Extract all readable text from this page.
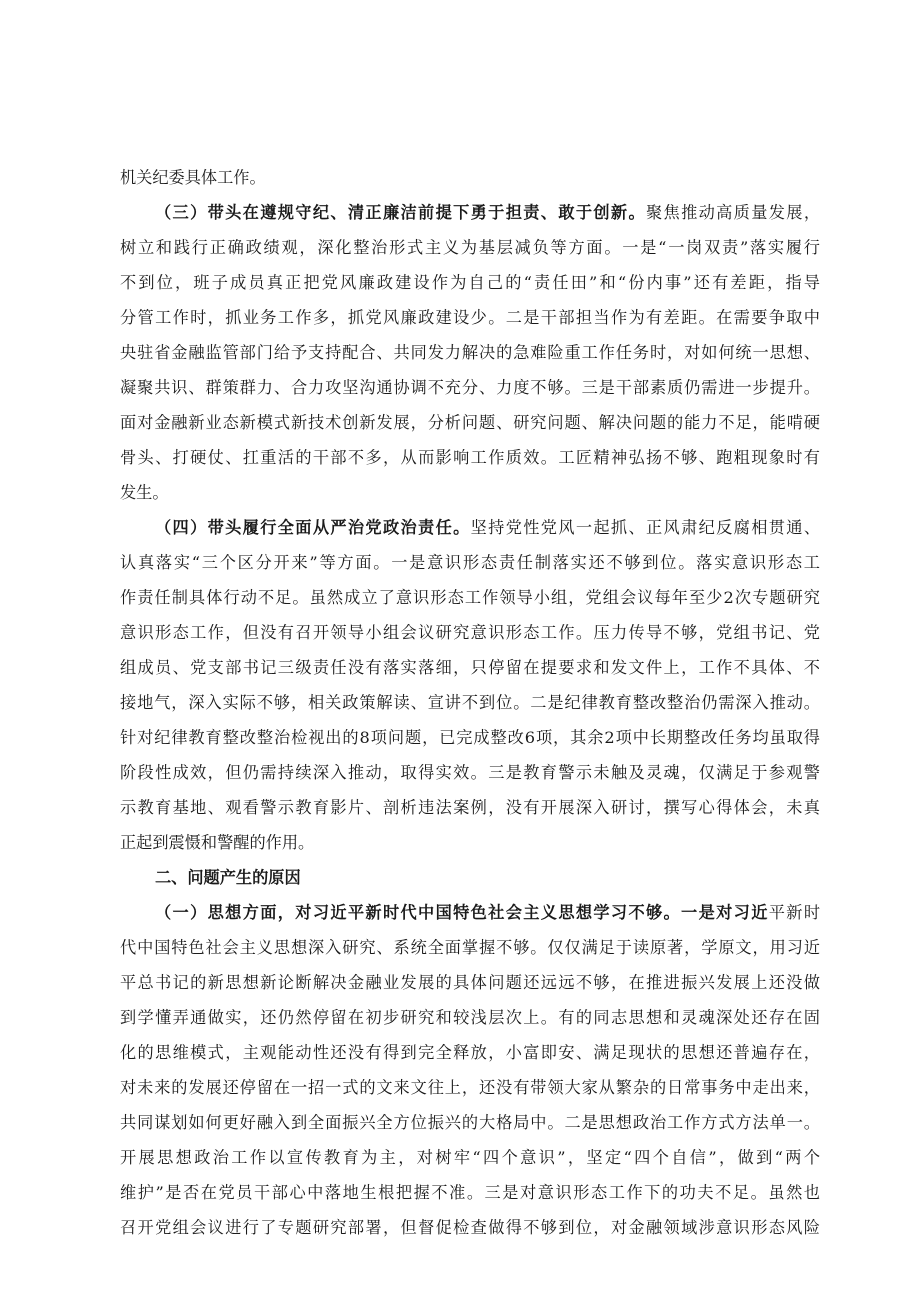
机关纪委具体工作。
（三）带头在遵规守纪、清正廉洁前提下勇于担责、敢于创新。聚焦推动高质量发展，
树立和践行正确政绩观，深化整治形式主义为基层减负等方面。一是“一岗双责”落实履行
不到位，班子成员真正把党风廉政建设作为自己的“责任田”和“份内事”还有差距，指导
分管工作时，抓业务工作多，抓党风廉政建设少。二是干部担当作为有差距。在需要争取中
央驻省金融监管部门给予支持配合、共同发力解决的急难险重工作任务时，对如何统一思想、
凝聚共识、群策群力、合力攻坚沟通协调不充分、力度不够。三是干部素质仍需进一步提升。
面对金融新业态新模式新技术创新发展，分析问题、研究问题、解决问题的能力不足，能啃硬
骨头、打硬仗、扛重活的干部不多，从而影响工作质效。工匠精神弘扬不够、跑粗现象时有
发生。
（四）带头履行全面从严治党政治责任。坚持党性党风一起抓、正风肃纪反腐相贯通、
认真落实“三个区分开来”等方面。一是意识形态责任制落实还不够到位。落实意识形态工
作责任制具体行动不足。虽然成立了意识形态工作领导小组，党组会议每年至少2次专题研究
意识形态工作，但没有召开领导小组会议研究意识形态工作。压力传导不够，党组书记、党
组成员、党支部书记三级责任没有落实落细，只停留在提要求和发文件上，工作不具体、不
接地气，深入实际不够，相关政策解读、宣讲不到位。二是纪律教育整改整治仍需深入推动。
针对纪律教育整改整治检视出的8项问题，已完成整改6项，其余2项中长期整改任务均虽取得
阶段性成效，但仍需持续深入推动，取得实效。三是教育警示未触及灵魂，仅满足于参观警
示教育基地、观看警示教育影片、剖析违法案例，没有开展深入研讨，撰写心得体会，未真
正起到震慑和警醒的作用。
二、问题产生的原因
（一）思想方面，对习近平新时代中国特色社会主义思想学习不够。一是对习近平新时
代中国特色社会主义思想深入研究、系统全面掌握不够。仅仅满足于读原著，学原文，用习近
平总书记的新思想新论断解决金融业发展的具体问题还远远不够，在推进振兴发展上还没做
到学懂弄通做实，还仍然停留在初步研究和较浅层次上。有的同志思想和灵魂深处还存在固
化的思维模式，主观能动性还没有得到完全释放，小富即安、满足现状的思想还普遍存在，
对未来的发展还停留在一招一式的文来文往上，还没有带领大家从繁杂的日常事务中走出来，
共同谋划如何更好融入到全面振兴全方位振兴的大格局中。二是思想政治工作方式方法单一。
开展思想政治工作以宣传教育为主，对树牢“四个意识”，坚定“四个自信”，做到“两个
维护”是否在党员干部心中落地生根把握不准。三是对意识形态工作下的功夫不足。虽然也
召开党组会议进行了专题研究部署，但督促检查做得不够到位，对金融领域涉意识形态风险
